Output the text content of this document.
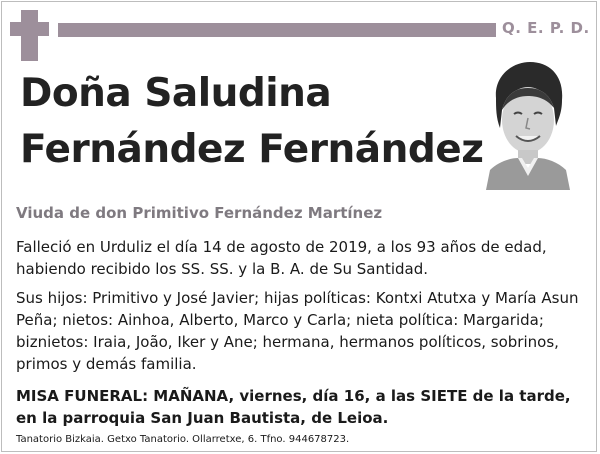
Q. E. P. D.
Doña Saludina
Fernández Fernández
Viuda de don Primitivo Fernández Martínez

Falleció en Urduliz el día 14 de agosto de 2019, a los 93 años de edad, habiendo recibido los SS. SS. y la B. A. de Su Santidad.

Sus hijos: Primitivo y José Javier; hijas políticas: Kontxi Atutxa y María Asun Peña; nietos: Ainhoa, Alberto, Marco y Carla; nieta política: Margarida; biznietos: Iraia, João, Iker y Ane; hermana, hermanos políticos, sobrinos, primos y demás familia.

MISA FUNERAL: MAÑANA, viernes, día 16, a las SIETE de la tarde, en la parroquia San Juan Bautista, de Leioa.

Tanatorio Bizkaia. Getxo Tanatorio. Ollarretxe, 6. Tfno. 944678723.
